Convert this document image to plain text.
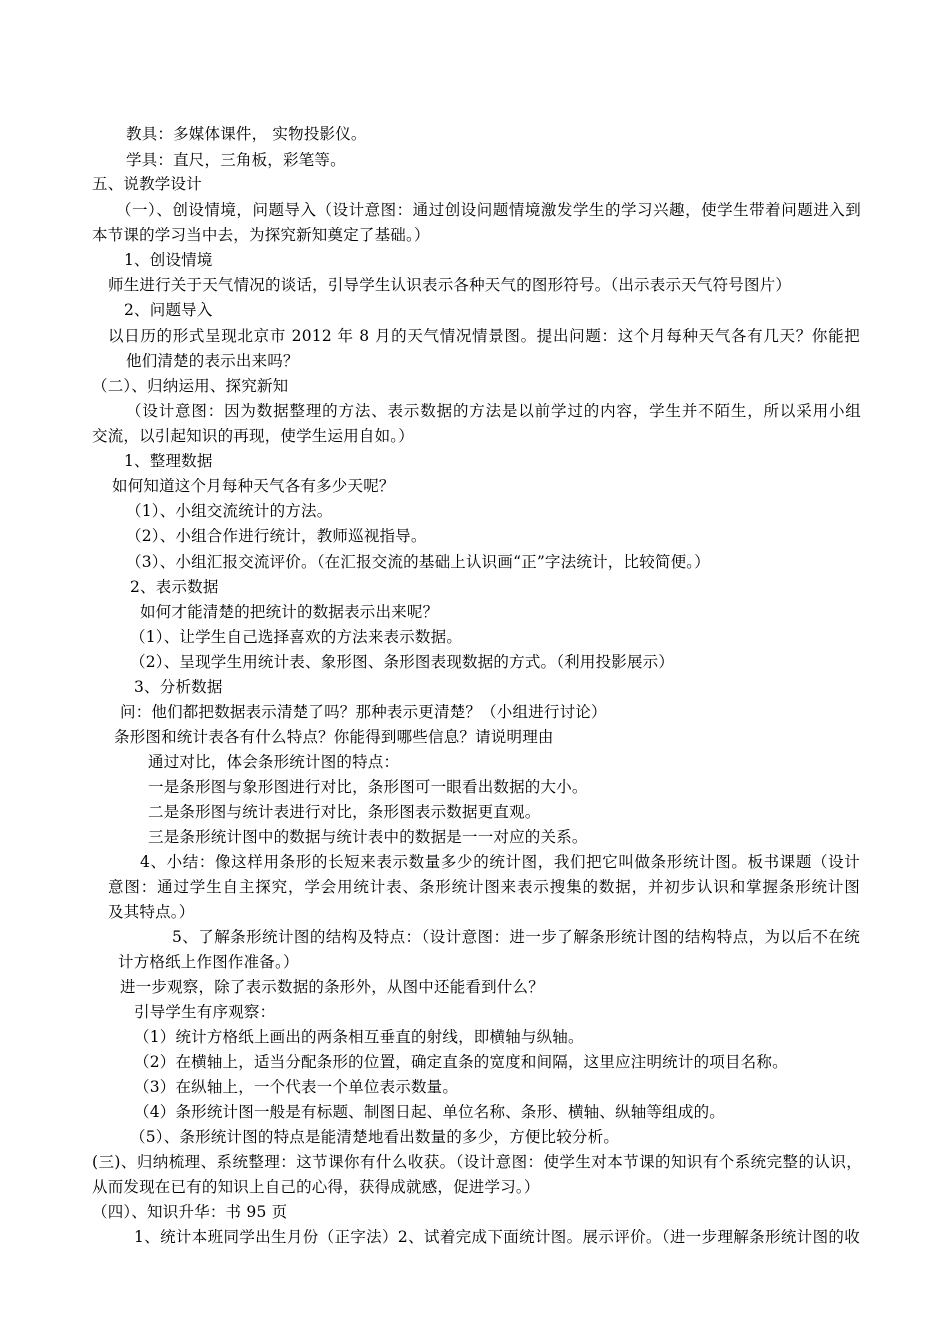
教具：多媒体课件， 实物投影仪。
学具：直尺，三角板，彩笔等。
五、说教学设计
（一）、创设情境，问题导入（设计意图：通过创设问题情境激发学生的学习兴趣，使学生带着问题进入到
本节课的学习当中去，为探究新知奠定了基础。）
1、创设情境
师生进行关于天气情况的谈话，引导学生认识表示各种天气的图形符号。（出示表示天气符号图片）
2、问题导入
以日历的形式呈现北京市 2012 年 8 月的天气情况情景图。提出问题：这个月每种天气各有几天？你能把
他们清楚的表示出来吗？
（二）、归纳运用、探究新知
（设计意图：因为数据整理的方法、表示数据的方法是以前学过的内容，学生并不陌生，所以采用小组
交流，以引起知识的再现，使学生运用自如。）
1、整理数据
如何知道这个月每种天气各有多少天呢？
（1）、小组交流统计的方法。
（2）、小组合作进行统计，教师巡视指导。
（3）、小组汇报交流评价。（在汇报交流的基础上认识画“正”字法统计，比较简便。）
2、表示数据
如何才能清楚的把统计的数据表示出来呢？
（1）、让学生自己选择喜欢的方法来表示数据。
（2）、呈现学生用统计表、象形图、条形图表现数据的方式。（利用投影展示）
3、分析数据
问：他们都把数据表示清楚了吗？那种表示更清楚？（小组进行讨论）
条形图和统计表各有什么特点？你能得到哪些信息？请说明理由
通过对比，体会条形统计图的特点：
一是条形图与象形图进行对比，条形图可一眼看出数据的大小。
二是条形图与统计表进行对比，条形图表示数据更直观。
三是条形统计图中的数据与统计表中的数据是一一对应的关系。
4、小结：像这样用条形的长短来表示数量多少的统计图，我们把它叫做条形统计图。板书课题（设计
意图：通过学生自主探究，学会用统计表、条形统计图来表示搜集的数据，并初步认识和掌握条形统计图
及其特点。）
5、了解条形统计图的结构及特点：（设计意图：进一步了解条形统计图的结构特点，为以后不在统
计方格纸上作图作准备。）
进一步观察，除了表示数据的条形外，从图中还能看到什么？
引导学生有序观察：
（1）统计方格纸上画出的两条相互垂直的射线，即横轴与纵轴。
（2）在横轴上，适当分配条形的位置，确定直条的宽度和间隔，这里应注明统计的项目名称。
（3）在纵轴上，一个代表一个单位表示数量。
（4）条形统计图一般是有标题、制图日起、单位名称、条形、横轴、纵轴等组成的。
（5）、条形统计图的特点是能清楚地看出数量的多少，方便比较分析。
(三)、归纳梳理、系统整理：这节课你有什么收获。（设计意图：使学生对本节课的知识有个系统完整的认识，
从而发现在已有的知识上自己的心得，获得成就感，促进学习。）
（四）、知识升华：书 95 页
1、统计本班同学出生月份（正字法）2、试着完成下面统计图。展示评价。（进一步理解条形统计图的收
